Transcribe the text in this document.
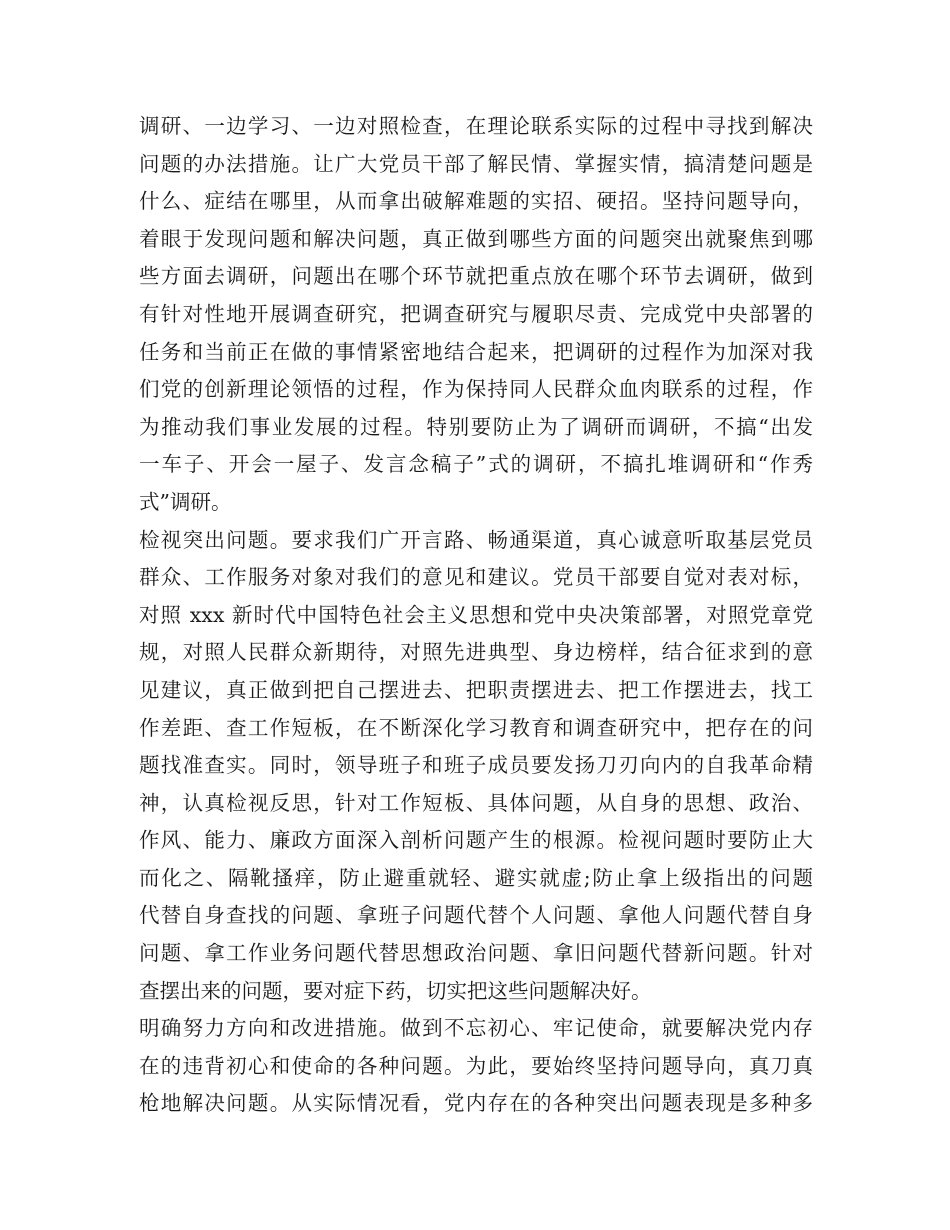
调研、一边学习、一边对照检查，在理论联系实际的过程中寻找到解决
问题的办法措施。让广大党员干部了解民情、掌握实情，搞清楚问题是
什么、症结在哪里，从而拿出破解难题的实招、硬招。坚持问题导向，
着眼于发现问题和解决问题，真正做到哪些方面的问题突出就聚焦到哪
些方面去调研，问题出在哪个环节就把重点放在哪个环节去调研，做到
有针对性地开展调查研究，把调查研究与履职尽责、完成党中央部署的
任务和当前正在做的事情紧密地结合起来，把调研的过程作为加深对我
们党的创新理论领悟的过程，作为保持同人民群众血肉联系的过程，作
为推动我们事业发展的过程。特别要防止为了调研而调研，不搞“出发
一车子、开会一屋子、发言念稿子”式的调研，不搞扎堆调研和“作秀
式”调研。
检视突出问题。要求我们广开言路、畅通渠道，真心诚意听取基层党员
群众、工作服务对象对我们的意见和建议。党员干部要自觉对表对标，
对照 xxx 新时代中国特色社会主义思想和党中央决策部署，对照党章党
规，对照人民群众新期待，对照先进典型、身边榜样，结合征求到的意
见建议，真正做到把自己摆进去、把职责摆进去、把工作摆进去，找工
作差距、查工作短板，在不断深化学习教育和调查研究中，把存在的问
题找准查实。同时，领导班子和班子成员要发扬刀刃向内的自我革命精
神，认真检视反思，针对工作短板、具体问题，从自身的思想、政治、
作风、能力、廉政方面深入剖析问题产生的根源。检视问题时要防止大
而化之、隔靴搔痒，防止避重就轻、避实就虚;防止拿上级指出的问题
代替自身查找的问题、拿班子问题代替个人问题、拿他人问题代替自身
问题、拿工作业务问题代替思想政治问题、拿旧问题代替新问题。针对
查摆出来的问题，要对症下药，切实把这些问题解决好。
明确努力方向和改进措施。做到不忘初心、牢记使命，就要解决党内存
在的违背初心和使命的各种问题。为此，要始终坚持问题导向，真刀真
枪地解决问题。从实际情况看，党内存在的各种突出问题表现是多种多
